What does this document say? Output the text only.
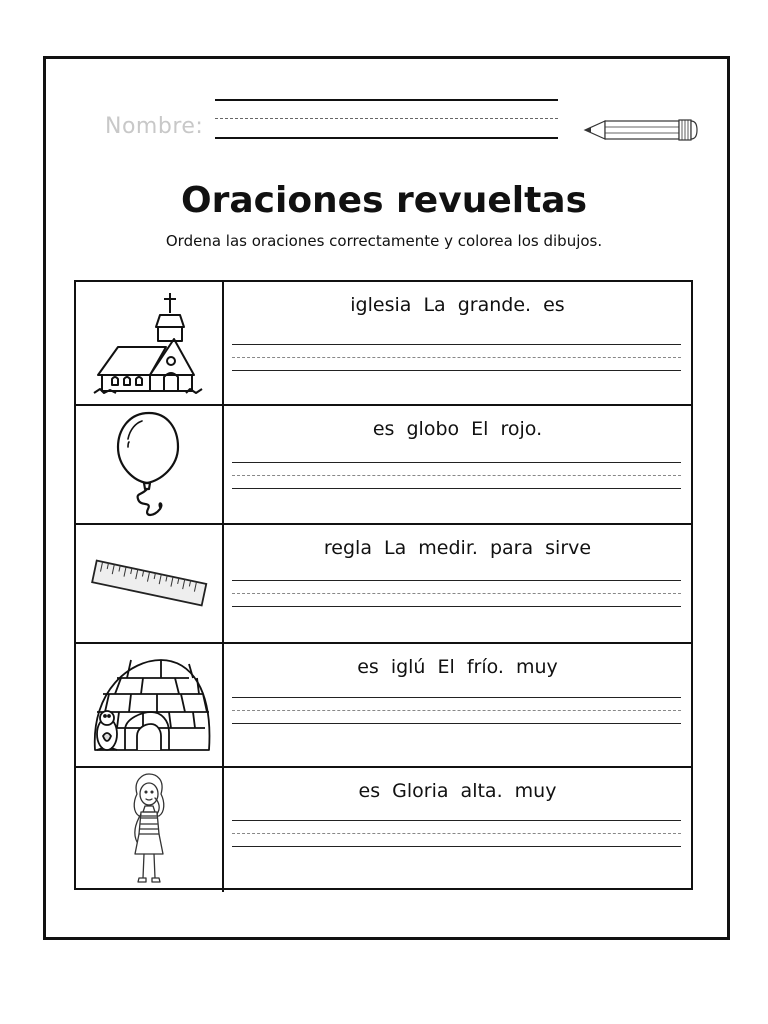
Nombre:
Oraciones revueltas
Ordena las oraciones correctamente y colorea los dibujos.
iglesia La grande. es
es globo El rojo.
regla La medir. para sirve
es iglú El frío. muy
es Gloria alta. muy
